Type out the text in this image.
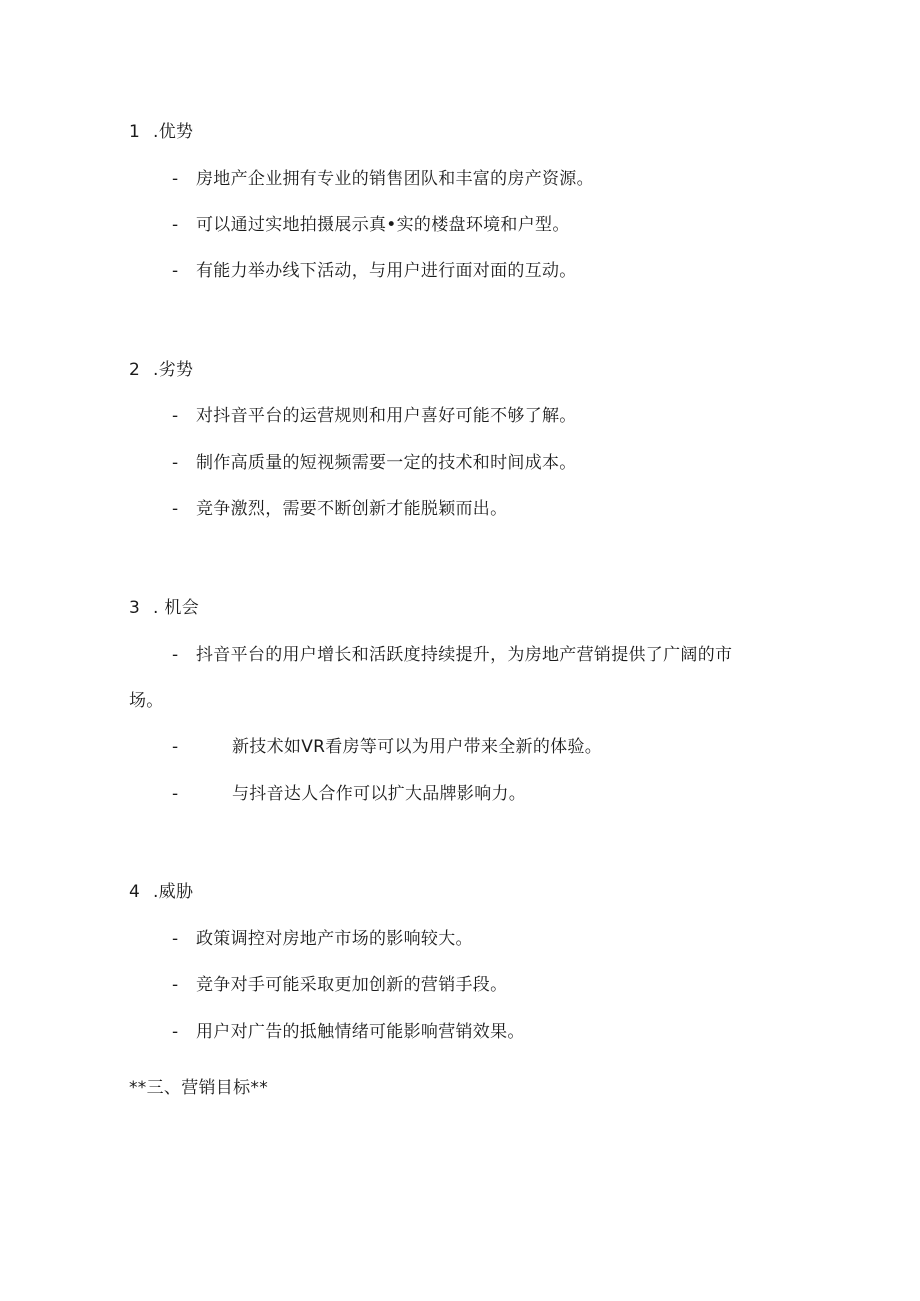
1 .优势
- 房地产企业拥有专业的销售团队和丰富的房产资源。
- 可以通过实地拍摄展示真•实的楼盘环境和户型。
- 有能力举办线下活动，与用户进行面对面的互动。
2 .劣势
- 对抖音平台的运营规则和用户喜好可能不够了解。
- 制作高质量的短视频需要一定的技术和时间成本。
- 竞争激烈，需要不断创新才能脱颖而出。
3 . 机会
- 抖音平台的用户增长和活跃度持续提升，为房地产营销提供了广阔的市
场。
-	新技术如VR看房等可以为用户带来全新的体验。
-	与抖音达人合作可以扩大品牌影响力。
4 .威胁
- 政策调控对房地产市场的影响较大。
- 竞争对手可能采取更加创新的营销手段。
- 用户对广告的抵触情绪可能影响营销效果。
**三、营销目标**
